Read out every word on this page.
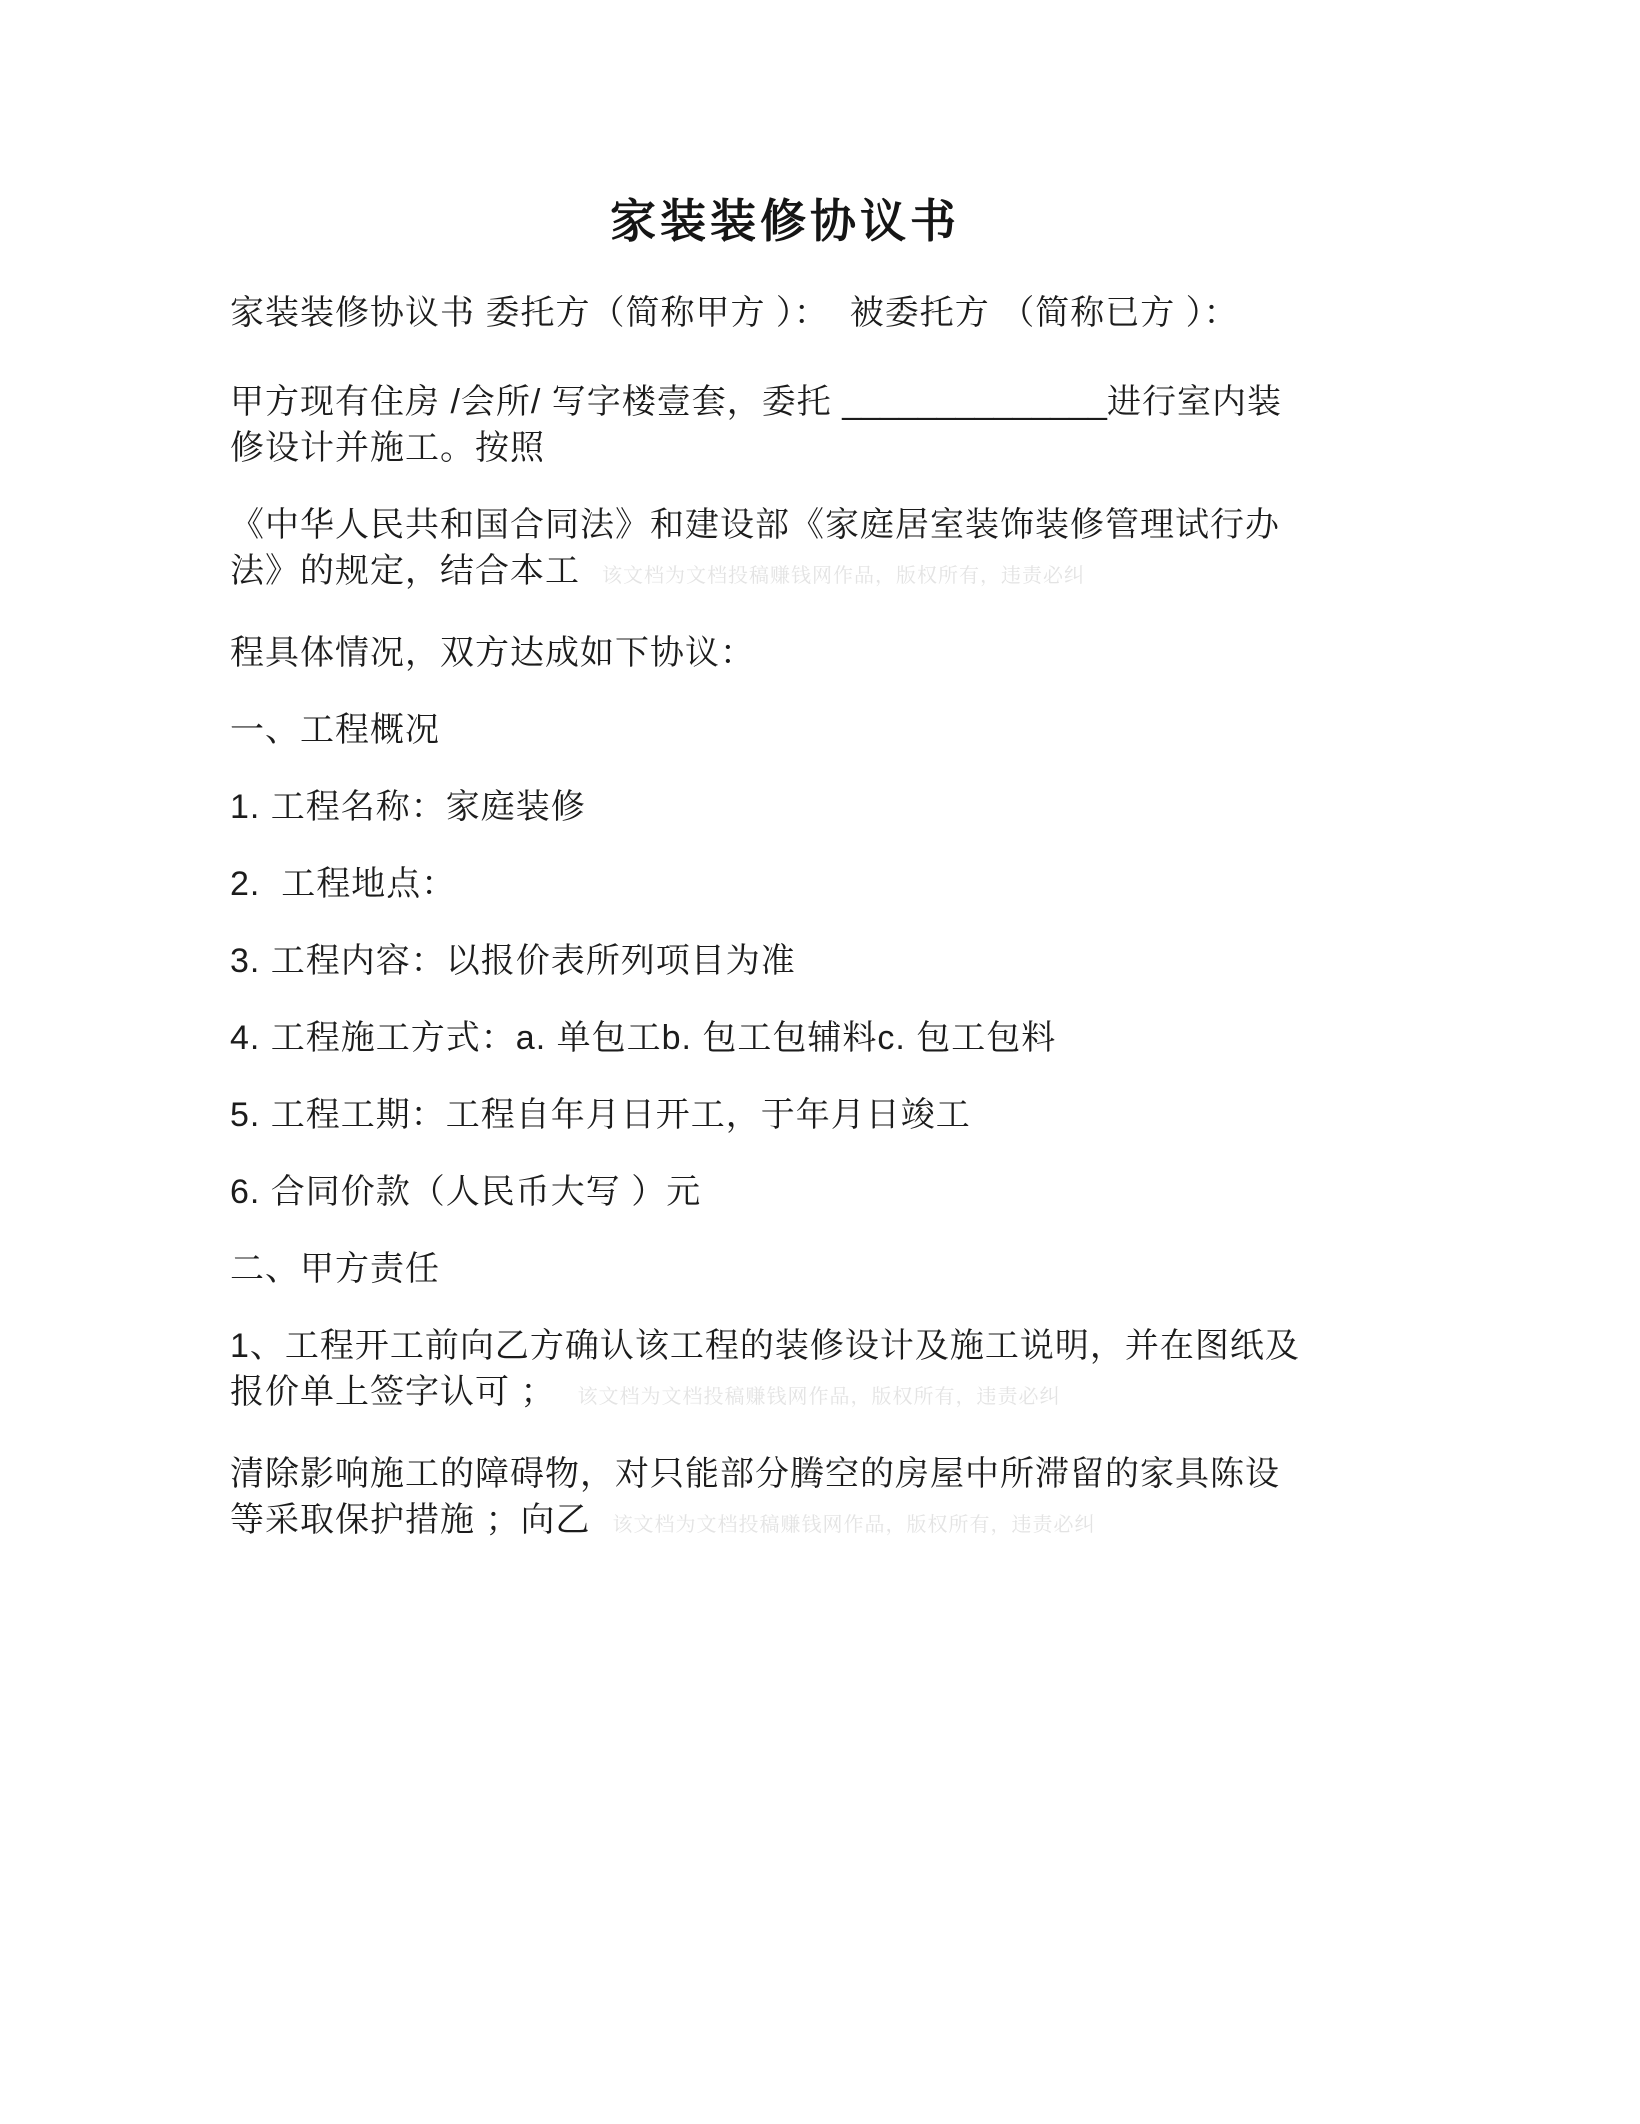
家装装修协议书

家装装修协议书 委托方（简称甲方 ）：  被委托方 （简称已方 ）：

甲方现有住房 /会所/ 写字楼壹套，委托 ______________进行室内装 修设计并施工。按照

《中华人民共和国合同法》和建设部《家庭居室装饰装修管理试行办 法》的规定，结合本工 该文档为文档投稿赚钱网作品，版权所有，违责必纠

程具体情况，双方达成如下协议：

一、工程概况

1. 工程名称：家庭装修

2.  工程地点：

3. 工程内容：以报价表所列项目为准

4. 工程施工方式：a. 单包工b. 包工包辅料c. 包工包料

5. 工程工期：工程自年月日开工，于年月日竣工

6. 合同价款（人民币大写 ）元

二、甲方责任

1、工程开工前向乙方确认该工程的装修设计及施工说明，并在图纸及 报价单上签字认可 ； 该文档为文档投稿赚钱网作品，版权所有，违责必纠

清除影响施工的障碍物，对只能部分腾空的房屋中所滞留的家具陈设 等采取保护措施 ；向乙 该文档为文档投稿赚钱网作品，版权所有，违责必纠
